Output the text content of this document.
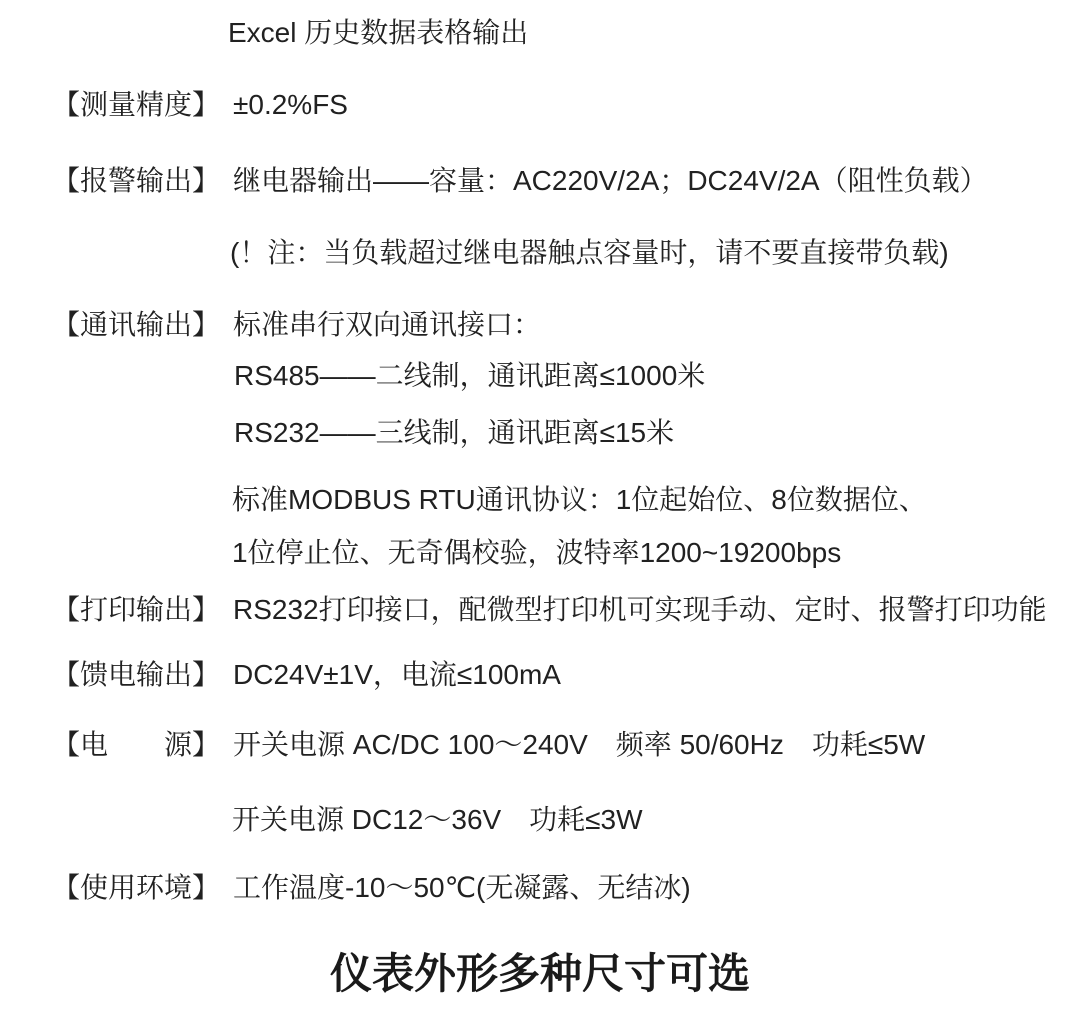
Excel 历史数据表格输出
【测量精度】 ±0.2%FS
【报警输出】 继电器输出——容量：AC220V/2A；DC24V/2A（阻性负载）
(！注：当负载超过继电器触点容量时，请不要直接带负载)
【通讯输出】 标准串行双向通讯接口：
RS485——二线制，通讯距离≤1000米
RS232——三线制，通讯距离≤15米
标准MODBUS RTU通讯协议：1位起始位、8位数据位、
1位停止位、无奇偶校验，波特率1200~19200bps
【打印输出】 RS232打印接口，配微型打印机可实现手动、定时、报警打印功能
【馈电输出】 DC24V±1V，电流≤100mA
【电　　源】 开关电源 AC/DC 100～240V　频率 50/60Hz　功耗≤5W
开关电源 DC12～36V　功耗≤3W
【使用环境】 工作温度-10～50℃(无凝露、无结冰)
仪表外形多种尺寸可选
